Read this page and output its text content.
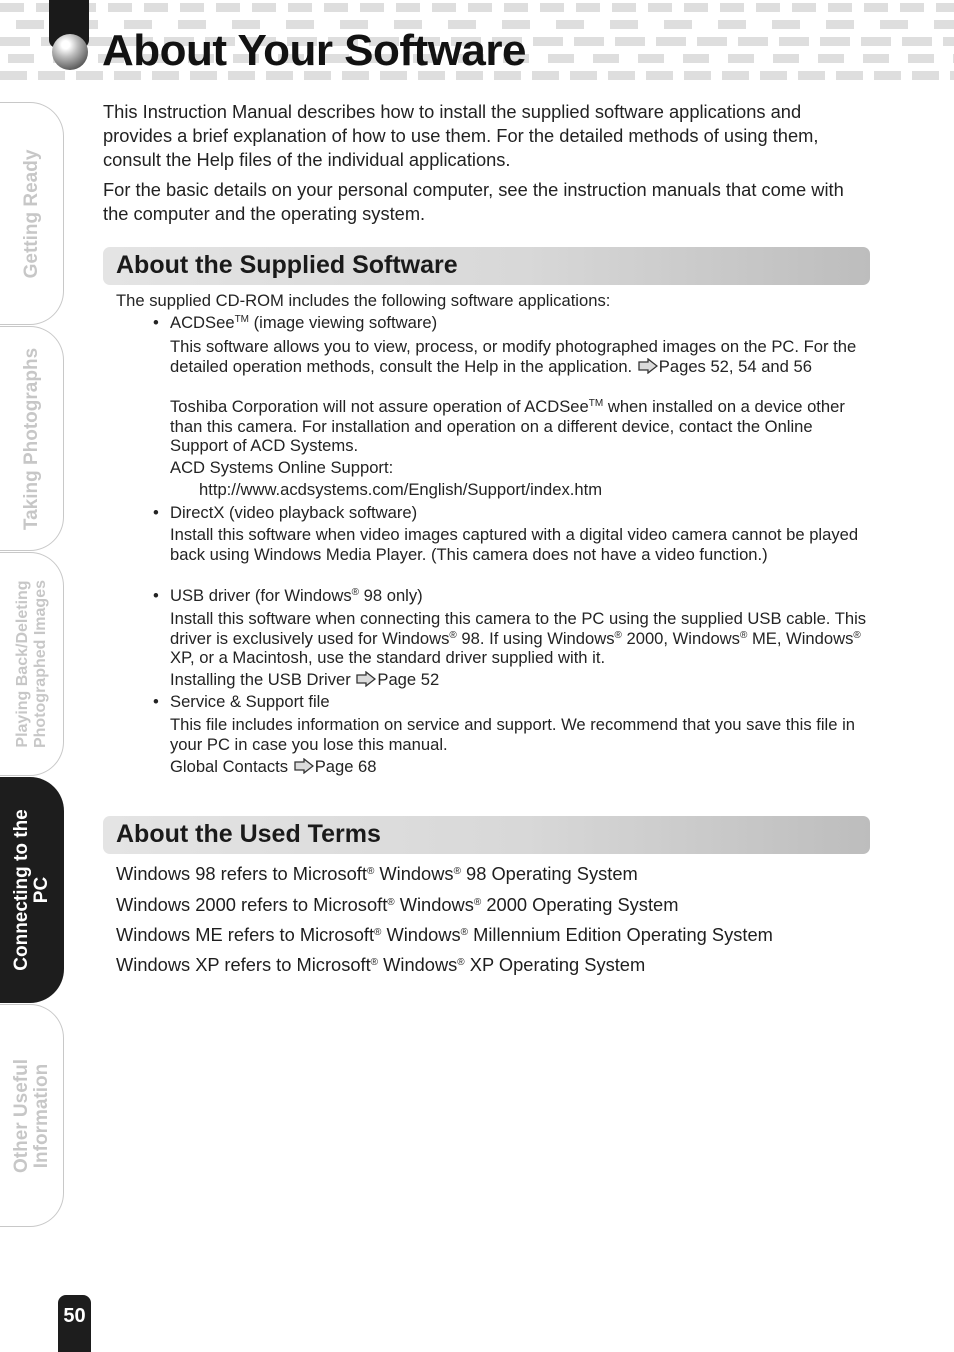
About Your Software
Getting Ready
Taking Photographs
Playing Back/Deleting
Photographed Images
Connecting to the
PC
Other Useful
Information

This Instruction Manual describes how to install the supplied software applications and provides a brief explanation of how to use them. For the detailed methods of using them, consult the Help files of the individual applications.

For the basic details on your personal computer, see the instruction manuals that come with the computer and the operating system.

About the Supplied Software

The supplied CD-ROM includes the following software applications:

• ACDSee™ (image viewing software)

This software allows you to view, process, or modify photographed images on the PC. For the detailed operation methods, consult the Help in the application. Pages 52, 54 and 56

Toshiba Corporation will not assure operation of ACDSee™ when installed on a device other than this camera. For installation and operation on a different device, contact the Online Support of ACD Systems.

ACD Systems Online Support:

http://www.acdsystems.com/English/Support/index.htm

• DirectX (video playback software)

Install this software when video images captured with a digital video camera cannot be played back using Windows Media Player. (This camera does not have a video function.)

• USB driver (for Windows® 98 only)

Install this software when connecting this camera to the PC using the supplied USB cable. This driver is exclusively used for Windows® 98. If using Windows® 2000, Windows® ME, Windows® XP, or a Macintosh, use the standard driver supplied with it.

Installing the USB Driver Page 52

• Service & Support file

This file includes information on service and support. We recommend that you save this file in your PC in case you lose this manual.

Global Contacts Page 68

About the Used Terms

Windows 98 refers to Microsoft® Windows® 98 Operating System

Windows 2000 refers to Microsoft® Windows® 2000 Operating System

Windows ME refers to Microsoft® Windows® Millennium Edition Operating System

Windows XP refers to Microsoft® Windows® XP Operating System

50
